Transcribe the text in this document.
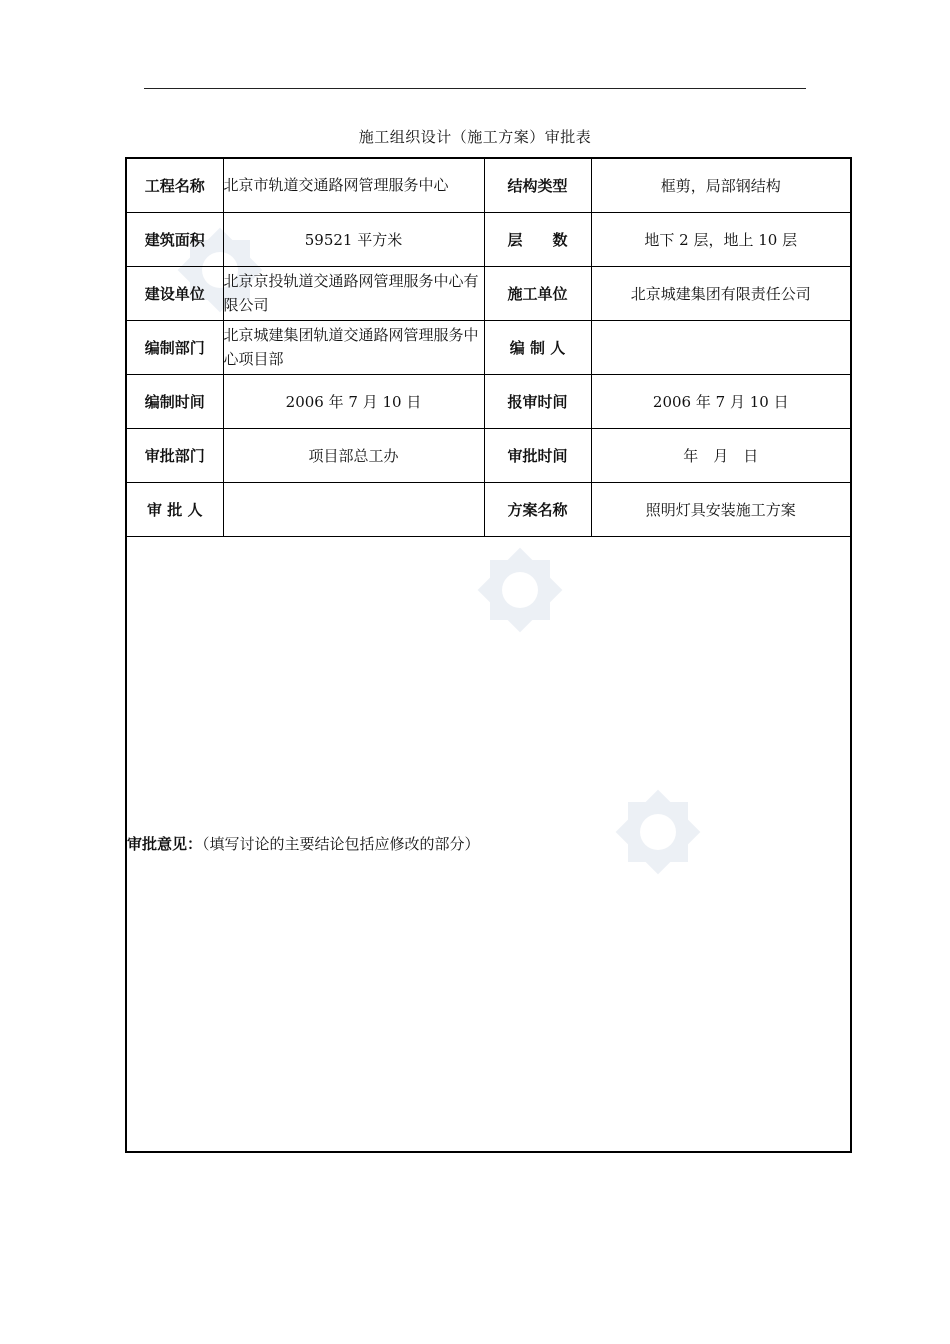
施工组织设计（施工方案）审批表
工程名称	北京市轨道交通路网管理服务中心	结构类型	框剪，局部钢结构
建筑面积	59521 平方米	层　　数	地下 2 层，地上 10 层
建设单位	北京京投轨道交通路网管理服务中心有限公司	施工单位	北京城建集团有限责任公司
编制部门	北京城建集团轨道交通路网管理服务中心项目部	编 制 人	
编制时间	2006 年 7 月 10 日	报审时间	2006 年 7 月 10 日
审批部门	项目部总工办	审批时间	年　月　日
审 批 人		方案名称	照明灯具安装施工方案
审批意见：（填写讨论的主要结论包括应修改的部分）			
